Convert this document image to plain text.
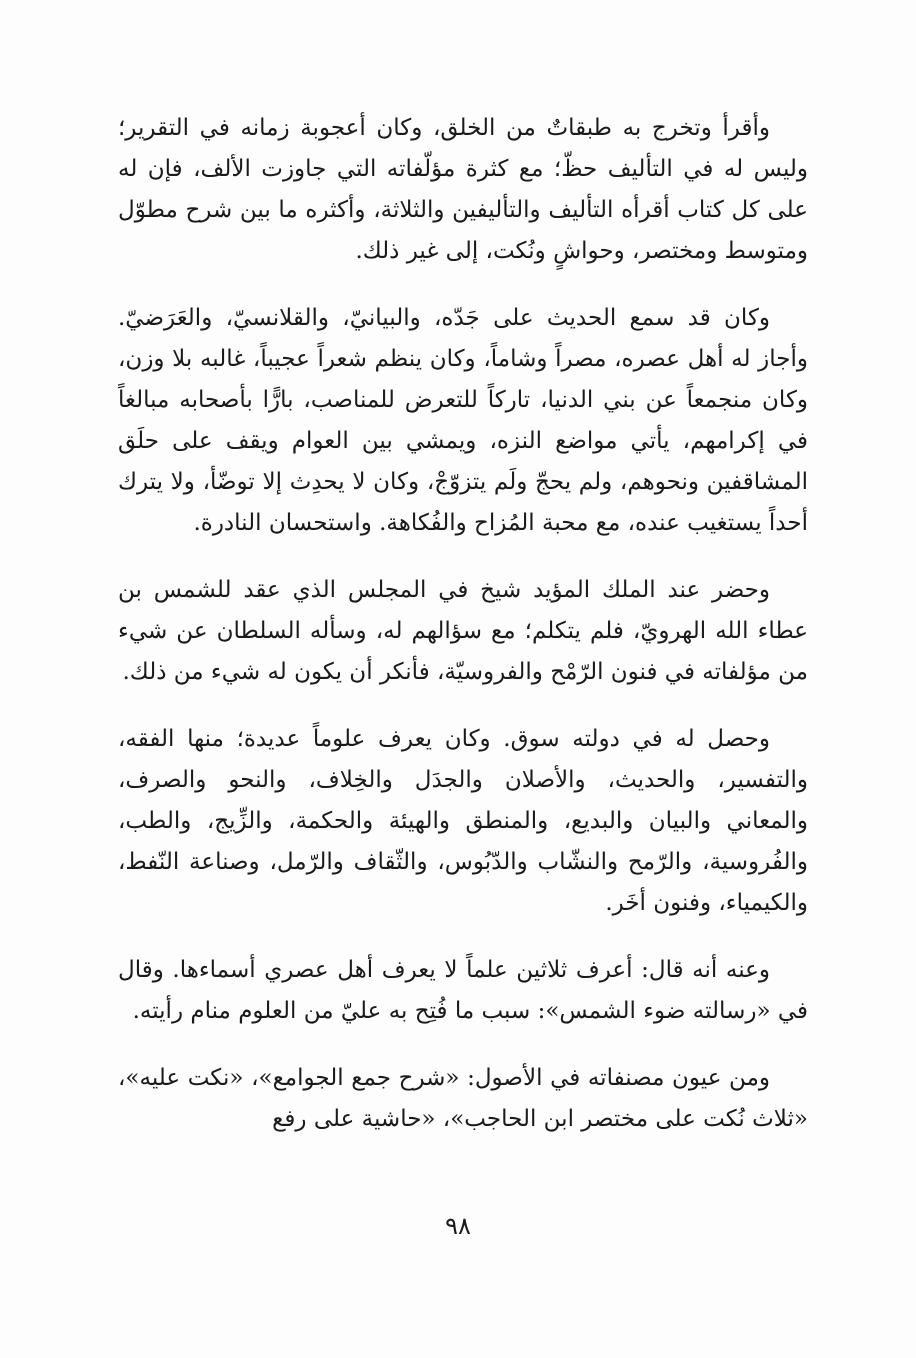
وأقرأ وتخرج به طبقاتٌ من الخلق، وكان أعجوبة زمانه في التقرير؛ وليس له في التأليف حظّ؛ مع كثرة مؤلّفاته التي جاوزت الألف، فإن له على كل كتاب أقرأه التأليف والتأليفين والثلاثة، وأكثره ما بين شرح مطوّل ومتوسط ومختصر، وحواشٍ ونُكت، إلى غير ذلك.

وكان قد سمع الحديث على جَدّه، والبيانيّ، والقلانسيّ، والعَرَضيّ. وأجاز له أهل عصره، مصراً وشاماً، وكان ينظم شعراً عجيباً، غالبه بلا وزن، وكان منجمعاً عن بني الدنيا، تاركاً للتعرض للمناصب، بارًّا بأصحابه مبالغاً في إكرامهم، يأتي مواضع النزه، ويمشي بين العوام ويقف على حلَق المشاقفين ونحوهم، ولم يحجّ ولَم يتزوّجْ، وكان لا يحدِث إلا توضّأ، ولا يترك أحداً يستغيب عنده، مع محبة المُزاح والفُكاهة. واستحسان النادرة.

وحضر عند الملك المؤيد شيخ في المجلس الذي عقد للشمس بن عطاء الله الهرويّ، فلم يتكلم؛ مع سؤالهم له، وسأله السلطان عن شيء من مؤلفاته في فنون الرّمْح والفروسيّة، فأنكر أن يكون له شيء من ذلك.

وحصل له في دولته سوق. وكان يعرف علوماً عديدة؛ منها الفقه، والتفسير، والحديث، والأصلان والجدَل والخِلاف، والنحو والصرف، والمعاني والبيان والبديع، والمنطق والهيئة والحكمة، والزِّيج، والطب، والفُروسية، والرّمح والنشّاب والدّبُوس، والثّقاف والرّمل، وصناعة النّفط، والكيمياء، وفنون أخَر.

وعنه أنه قال: أعرف ثلاثين علماً لا يعرف أهل عصري أسماءها. وقال في «رسالته ضوء الشمس»: سبب ما فُتِح به عليّ من العلوم منام رأيته.

ومن عيون مصنفاته في الأصول: «شرح جمع الجوامع»، «نكت عليه»، «ثلاث نُكت على مختصر ابن الحاجب»، «حاشية على رفع

٩٨
